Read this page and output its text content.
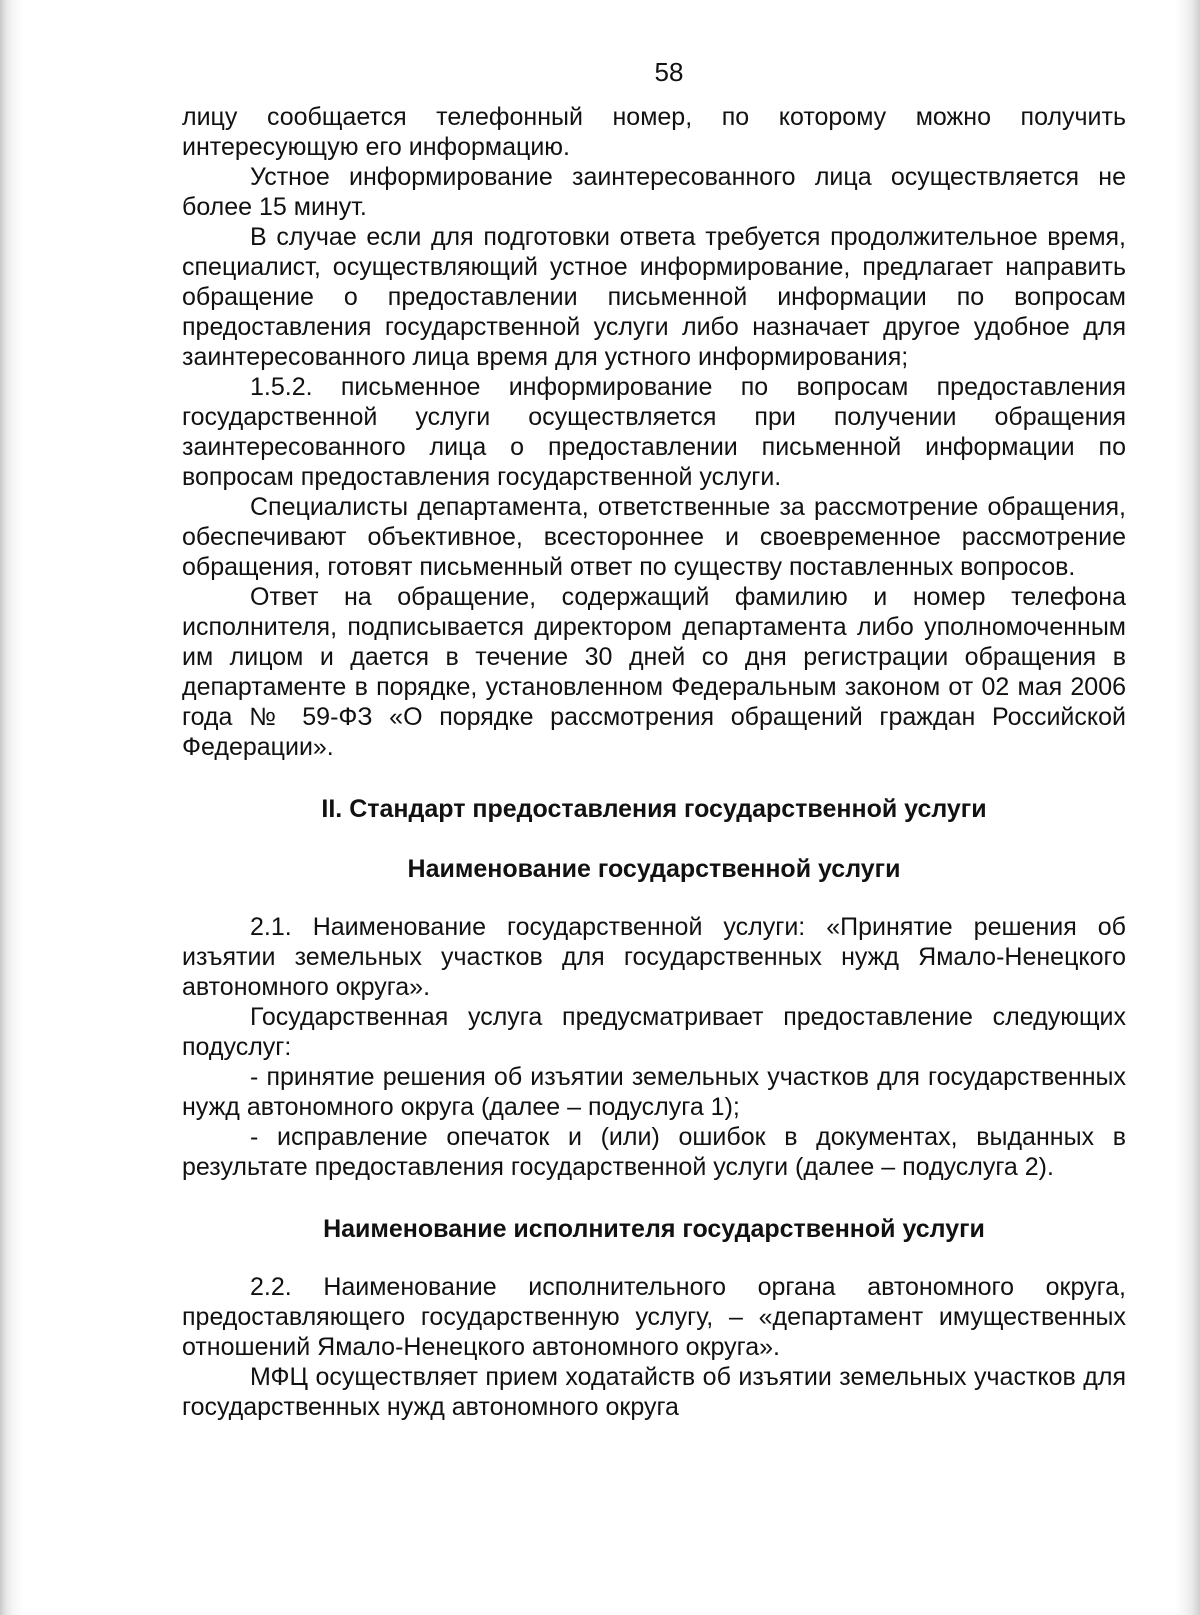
58

лицу сообщается телефонный номер, по которому можно получить интересующую его информацию.

Устное информирование заинтересованного лица осуществляется не более 15 минут.

В случае если для подготовки ответа требуется продолжительное время, специалист, осуществляющий устное информирование, предлагает направить обращение о предоставлении письменной информации по вопросам предоставления государственной услуги либо назначает другое удобное для заинтересованного лица время для устного информирования;

1.5.2. письменное информирование по вопросам предоставления государственной услуги осуществляется при получении обращения заинтересованного лица о предоставлении письменной информации по вопросам предоставления государственной услуги.

Специалисты департамента, ответственные за рассмотрение обращения, обеспечивают объективное, всестороннее и своевременное рассмотрение обращения, готовят письменный ответ по существу поставленных вопросов.

Ответ на обращение, содержащий фамилию и номер телефона исполнителя, подписывается директором департамента либо уполномоченным им лицом и дается в течение 30 дней со дня регистрации обращения в департаменте в порядке, установленном Федеральным законом от 02 мая 2006 года № 59-ФЗ «О порядке рассмотрения обращений граждан Российской Федерации».

II. Стандарт предоставления государственной услуги
Наименование государственной услуги

2.1. Наименование государственной услуги: «Принятие решения об изъятии земельных участков для государственных нужд Ямало-Ненецкого автономного округа».

Государственная услуга предусматривает предоставление следующих подуслуг:

- принятие решения об изъятии земельных участков для государственных нужд автономного округа (далее – подуслуга 1);

- исправление опечаток и (или) ошибок в документах, выданных в результате предоставления государственной услуги (далее – подуслуга 2).

Наименование исполнителя государственной услуги

2.2. Наименование исполнительного органа автономного округа, предоставляющего государственную услугу, – «департамент имущественных отношений Ямало-Ненецкого автономного округа».

МФЦ осуществляет прием ходатайств об изъятии земельных участков для государственных нужд автономного округа
